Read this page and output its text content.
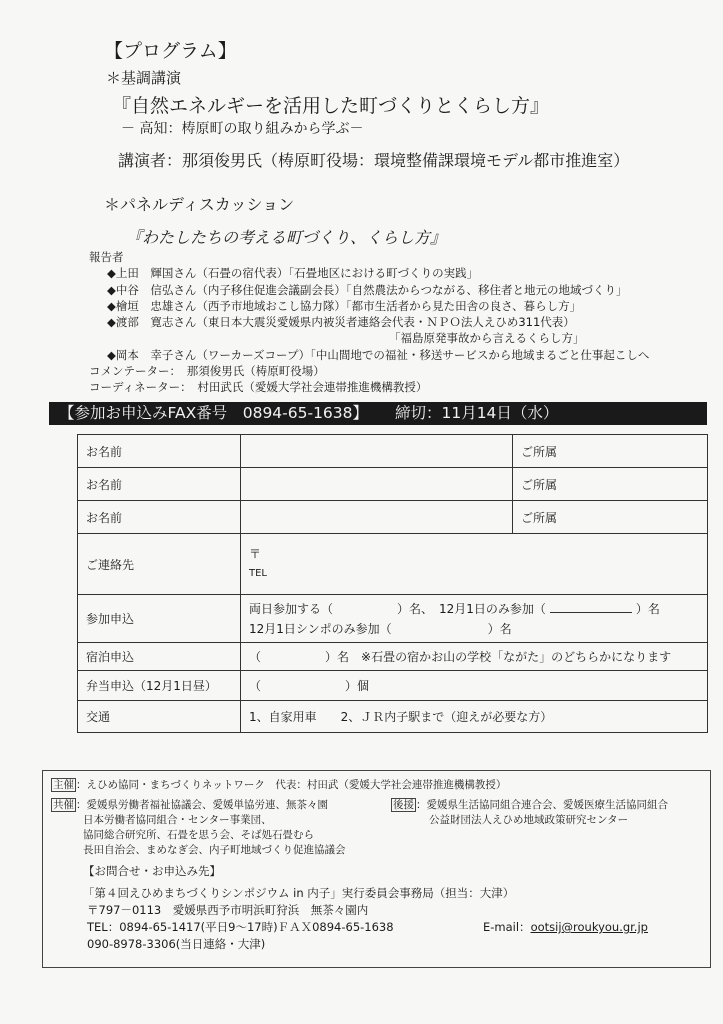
【プログラム】
＊基調講演
『自然エネルギーを活用した町づくりとくらし方』
－ 高知：梼原町の取り組みから学ぶ－
講演者：那須俊男氏（梼原町役場：環境整備課環境モデル都市推進室）
＊パネルディスカッション
『わたしたちの考える町づくり、くらし方』
報告者
◆上田　輝国さん（石畳の宿代表）「石畳地区における町づくりの実践」
◆中谷　信弘さん（内子移住促進会議副会長）「自然農法からつながる、移住者と地元の地域づくり」
◆檜垣　忠雄さん（西予市地域おこし協力隊）「都市生活者から見た田舎の良さ、暮らし方」
◆渡部　寛志さん（東日本大震災愛媛県内被災者連絡会代表・ＮＰＯ法人えひめ311代表）
「福島原発事故から言えるくらし方」
◆岡本　幸子さん（ワーカーズコープ）「中山間地での福祉・移送サービスから地域まるごと仕事起こしへ
コメンテーター：　那須俊男氏（梼原町役場）
コーディネーター：　村田武氏（愛媛大学社会連帯推進機構教授）
【参加お申込みFAX番号　0894-65-1638】 締切：11月14日（水）
お名前		ご所属	
お名前		ご所属	
お名前		ご所属	
ご連絡先	〒
TEL		

参加申込	両日参加する（ ）名、　12月1日のみ参加（ ）名
12月1日シンポのみ参加（ ）名		

宿泊申込	（ ）名　※石畳の宿かお山の学校「ながた」のどちらかになります		
弁当申込（12月1日昼）	（ ）個		
交通	1、自家用車　　2、ＪＲ内子駅まで（迎えが必要な方）		
主催 ：えひめ協同・まちづくりネットワーク　代表：村田武（愛媛大学社会連帯推進機構教授）
共催 ：愛媛県労働者福祉協議会、愛媛単協労連、無茶々園
日本労働者協同組合・センター事業団、
協同総合研究所、石畳を思う会、そば処石畳むら
長田自治会、まめなぎ会、内子町地域づくり促進協議会
後援 ：愛媛県生活協同組合連合会、愛媛医療生活協同組合
公益財団法人えひめ地域政策研究センター
【お問合せ・お申込み先】
「第４回えひめまちづくりシンポジウム in 内子」実行委員会事務局（担当：大津）
〒797－0113　愛媛県西予市明浜町狩浜　無茶々園内
TEL：0894-65-1417(平日9～17時)ＦＡＸ0894-65-1638	E-mail：ootsij@roukyou.gr.jp
090-8978-3306(当日連絡・大津)
